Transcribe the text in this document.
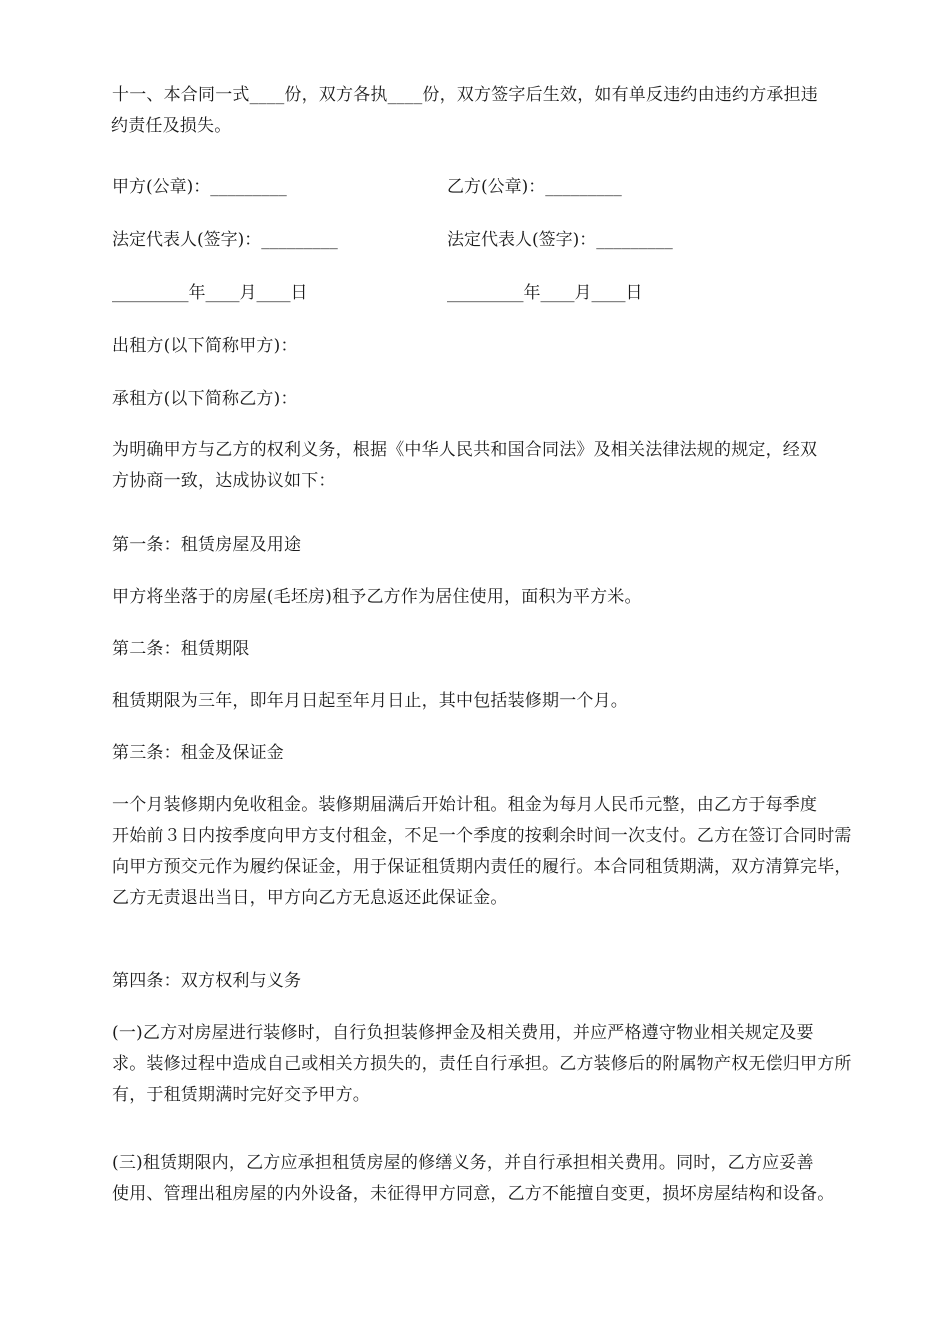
十一、本合同一式____份，双方各执____份，双方签字后生效，如有单反违约由违约方承担违
约责任及损失。

甲方(公章)：_________	乙方(公章)：_________
法定代表人(签字)：_________	法定代表人(签字)：_________
_________年____月____日	_________年____月____日

出租方(以下简称甲方)：

承租方(以下简称乙方)：

为明确甲方与乙方的权利义务，根据《中华人民共和国合同法》及相关法律法规的规定，经双
方协商一致，达成协议如下：

第一条：租赁房屋及用途

甲方将坐落于的房屋(毛坯房)租予乙方作为居住使用，面积为平方米。

第二条：租赁期限

租赁期限为三年，即年月日起至年月日止，其中包括装修期一个月。

第三条：租金及保证金

一个月装修期内免收租金。装修期届满后开始计租。租金为每月人民币元整，由乙方于每季度
开始前３日内按季度向甲方支付租金，不足一个季度的按剩余时间一次支付。乙方在签订合同时需
向甲方预交元作为履约保证金，用于保证租赁期内责任的履行。本合同租赁期满，双方清算完毕，
乙方无责退出当日，甲方向乙方无息返还此保证金。

第四条：双方权利与义务

(一)乙方对房屋进行装修时，自行负担装修押金及相关费用，并应严格遵守物业相关规定及要
求。装修过程中造成自己或相关方损失的，责任自行承担。乙方装修后的附属物产权无偿归甲方所
有，于租赁期满时完好交予甲方。

(三)租赁期限内，乙方应承担租赁房屋的修缮义务，并自行承担相关费用。同时，乙方应妥善
使用、管理出租房屋的内外设备，未征得甲方同意，乙方不能擅自变更，损坏房屋结构和设备。
